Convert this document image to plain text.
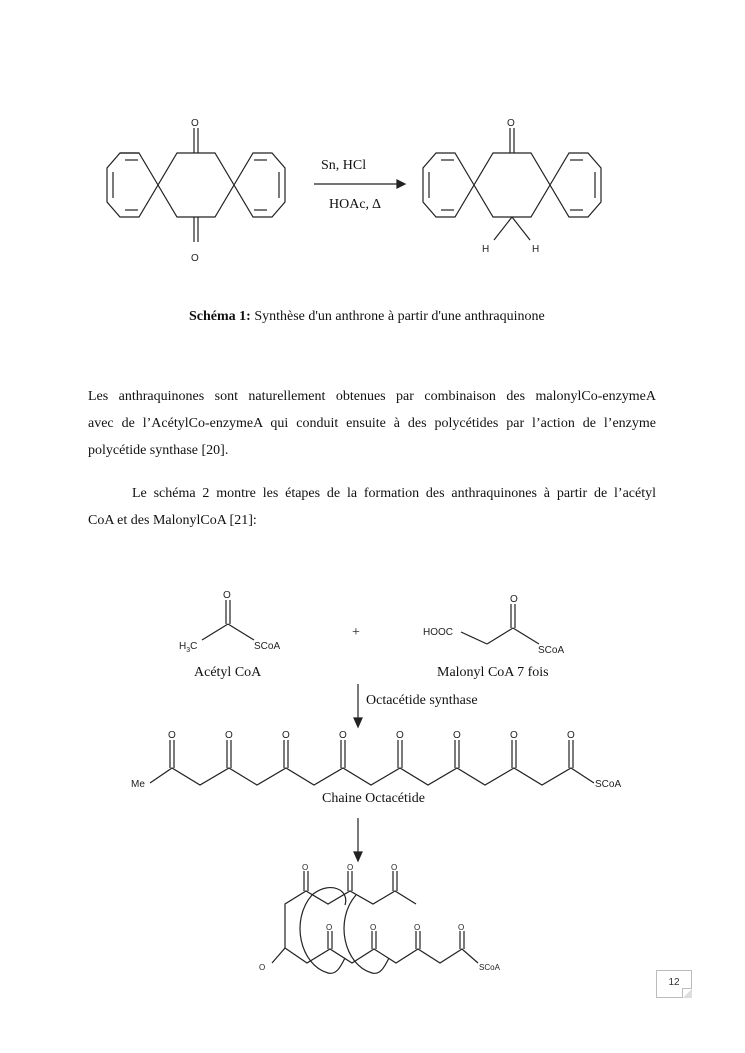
O
O
O
H	H
Sn, HCl
HOAc, Δ
Schéma 1: Synthèse d'un anthrone à partir d'une anthraquinone
Les anthraquinones sont naturellement obtenues par combinaison des malonylCo-enzymeA
avec de l’AcétylCo-enzymeA qui conduit ensuite à des polycétides par l’action de l’enzyme
polycétide synthase [20].
Le schéma 2 montre les étapes de la formation des anthraquinones à partir de l’acétyl
CoA et des MalonylCoA [21]:
O
$H_3C$	SCoA
O
HOOC
SCoA
O	O	O	O	O	O	O	O
Me	SCoA
O	O	O
O	O	O	O
O	SCoA
+
Acétyl CoA	Malonyl CoA 7 fois
Octacétide synthase
Chaine Octacétide
12
